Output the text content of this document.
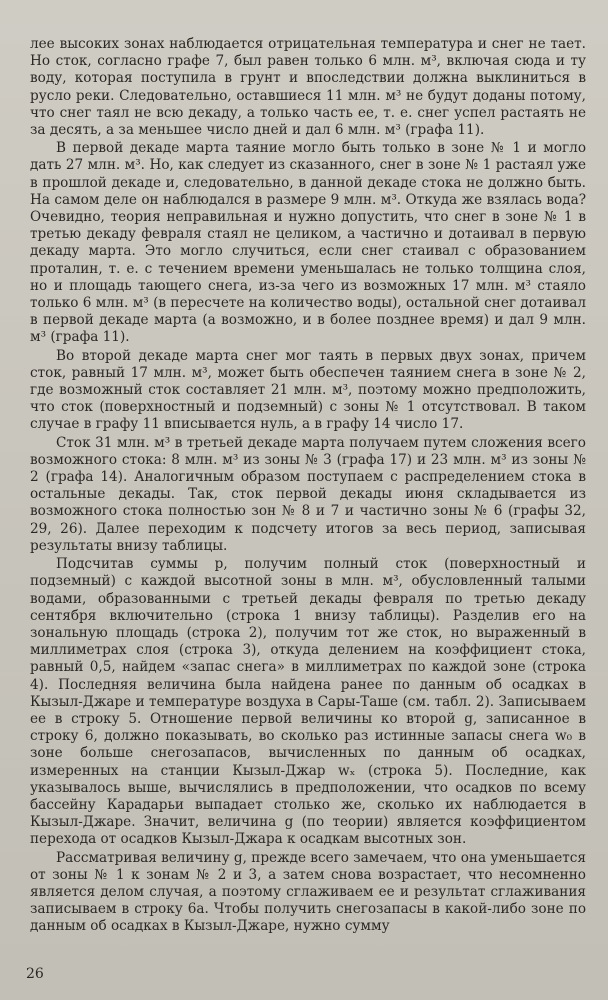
лее высоких зонах наблюдается отрицательная температура и снег не тает. Но сток, согласно графе 7, был равен только 6 млн. м³, включая сюда и ту воду, которая поступила в грунт и впоследствии должна выклиниться в русло реки. Следовательно, оставшиеся 11 млн. м³ не будут доданы потому, что снег таял не всю декаду, а только часть ее, т. е. снег успел растаять не за десять, а за меньшее число дней и дал 6 млн. м³ (графа 11).

В первой декаде марта таяние могло быть только в зоне № 1 и могло дать 27 млн. м³. Но, как следует из сказанного, снег в зоне № 1 растаял уже в прошлой декаде и, следовательно, в данной декаде стока не должно быть. На самом деле он наблюдался в размере 9 млн. м³. Откуда же взялась вода? Очевидно, теория неправильная и нужно допустить, что снег в зоне № 1 в третью декаду февраля стаял не целиком, а частично и дотаивал в первую декаду марта. Это могло случиться, если снег стаивал с образованием проталин, т. е. с течением времени уменьшалась не только толщина слоя, но и площадь тающего снега, из-за чего из возможных 17 млн. м³ стаяло только 6 млн. м³ (в пересчете на количество воды), остальной снег дотаивал в первой декаде марта (а возможно, и в более позднее время) и дал 9 млн. м³ (графа 11).

Во второй декаде марта снег мог таять в первых двух зонах, причем сток, равный 17 млн. м³, может быть обеспечен таянием снега в зоне № 2, где возможный сток составляет 21 млн. м³, поэтому можно предположить, что сток (поверхностный и подземный) с зоны № 1 отсутствовал. В таком случае в графу 11 вписывается нуль, а в графу 14 число 17.

Сток 31 млн. м³ в третьей декаде марта получаем путем сложения всего возможного стока: 8 млн. м³ из зоны № 3 (графа 17) и 23 млн. м³ из зоны № 2 (графа 14). Аналогичным образом поступаем с распределением стока в остальные декады. Так, сток первой декады июня складывается из возможного стока полностью зон № 8 и 7 и частично зоны № 6 (графы 32, 29, 26). Далее переходим к подсчету итогов за весь период, записывая результаты внизу таблицы.

Подсчитав суммы p, получим полный сток (поверхностный и подземный) с каждой высотной зоны в млн. м³, обусловленный талыми водами, образованными с третьей декады февраля по третью декаду сентября включительно (строка 1 внизу таблицы). Разделив его на зональную площадь (строка 2), получим тот же сток, но выраженный в миллиметрах слоя (строка 3), откуда делением на коэффициент стока, равный 0,5, найдем «запас снега» в миллиметрах по каждой зоне (строка 4). Последняя величина была найдена ранее по данным об осадках в Кызыл-Джаре и температуре воздуха в Сары-Таше (см. табл. 2). Записываем ее в строку 5. Отношение первой величины ко второй g, записанное в строку 6, должно показывать, во сколько раз истинные запасы снега w₀ в зоне больше снегозапасов, вычисленных по данным об осадках, измеренных на станции Кызыл-Джар wₓ (строка 5). Последние, как указывалось выше, вычислялись в предположении, что осадков по всему бассейну Карадарьи выпадает столько же, сколько их наблюдается в Кызыл-Джаре. Значит, величина g (по теории) является коэффициентом перехода от осадков Кызыл-Джара к осадкам высотных зон.

Рассматривая величину g, прежде всего замечаем, что она уменьшается от зоны № 1 к зонам № 2 и 3, а затем снова возрастает, что несомненно является делом случая, а поэтому сглаживаем ее и результат сглаживания записываем в строку 6а. Чтобы получить снегозапасы в какой-либо зоне по данным об осадках в Кызыл-Джаре, нужно сумму

26
